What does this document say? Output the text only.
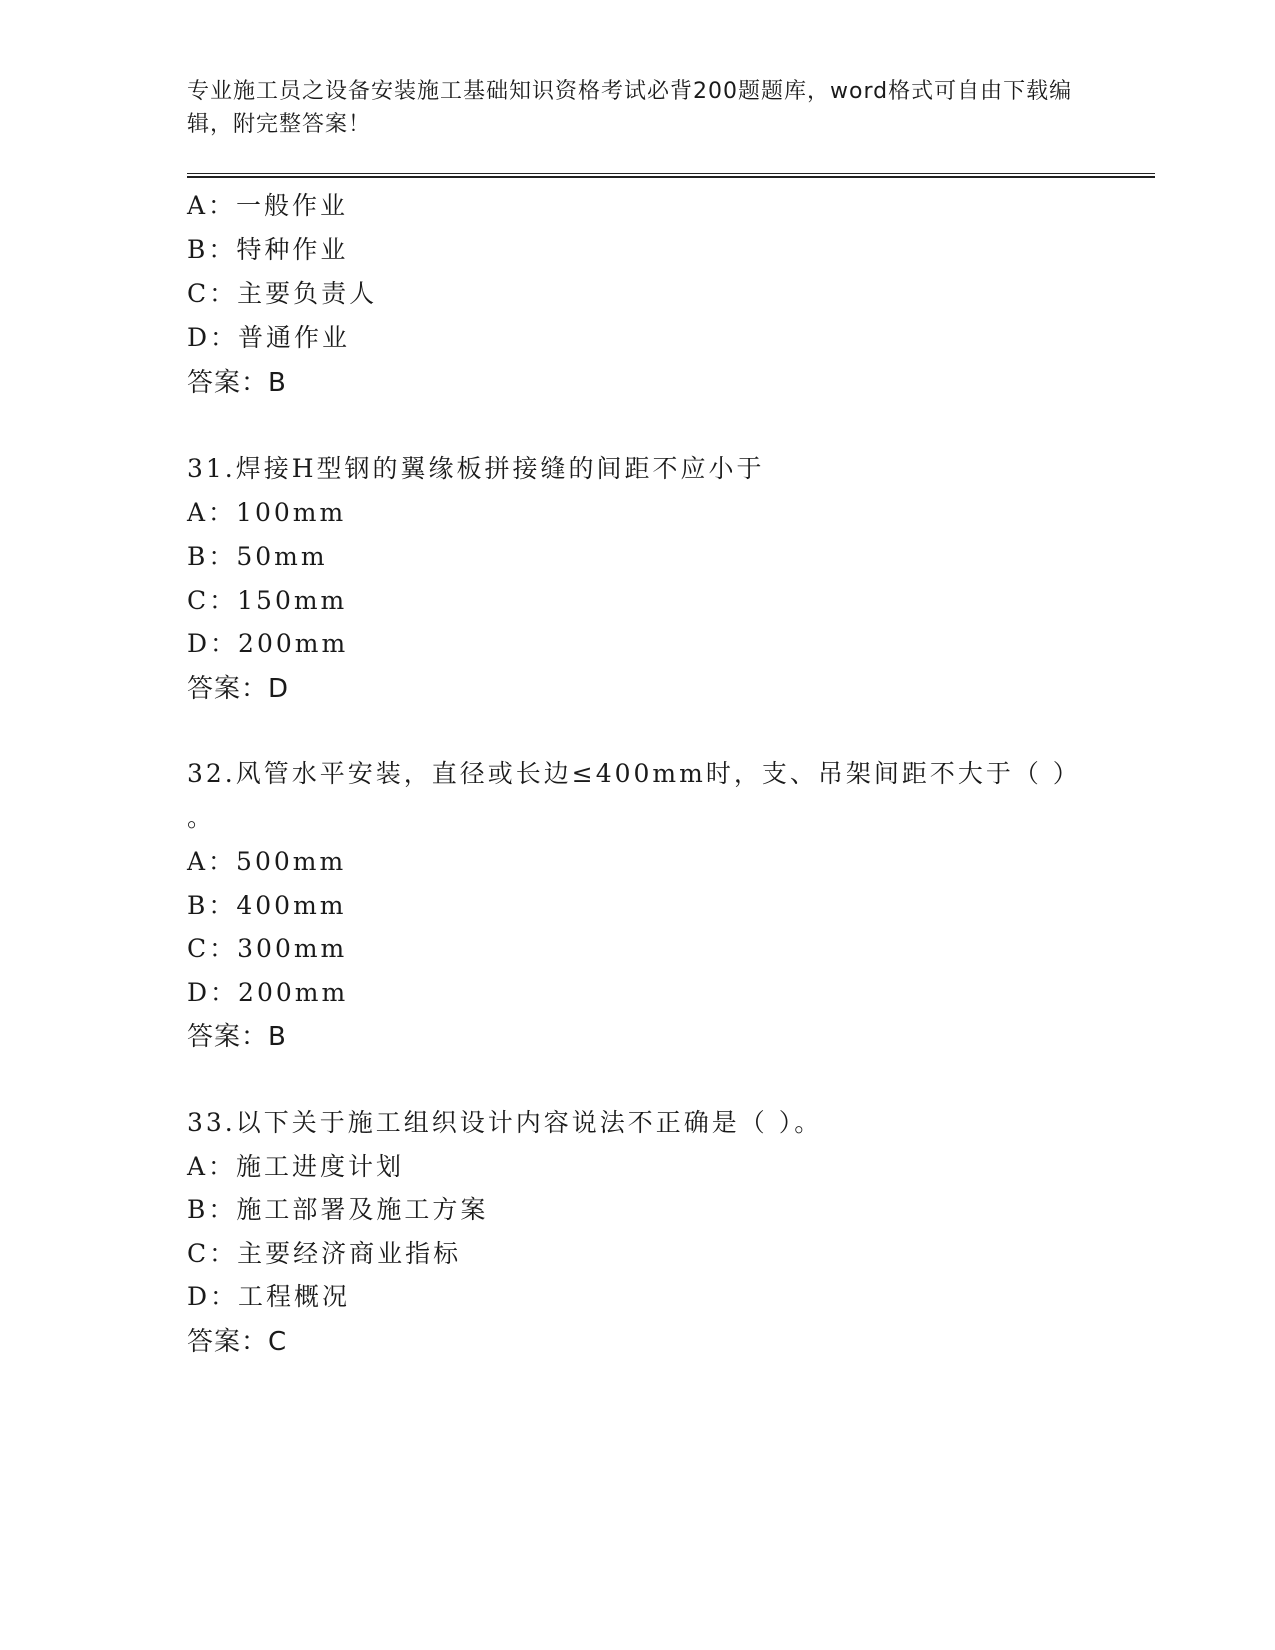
专业施工员之设备安装施工基础知识资格考试必背200题题库，word格式可自由下载编辑，附完整答案！
A：一般作业
B：特种作业
C：主要负责人
D：普通作业
答案：B
31.焊接H型钢的翼缘板拼接缝的间距不应小于
A：100mm
B：50mm
C：150mm
D：200mm
答案：D
32.风管水平安装，直径或长边≤400mm时，支、吊架间距不大于（ ）
。
A：500mm
B：400mm
C：300mm
D：200mm
答案：B
33.以下关于施工组织设计内容说法不正确是（ ）。
A：施工进度计划
B：施工部署及施工方案
C：主要经济商业指标
D：工程概况
答案：C
